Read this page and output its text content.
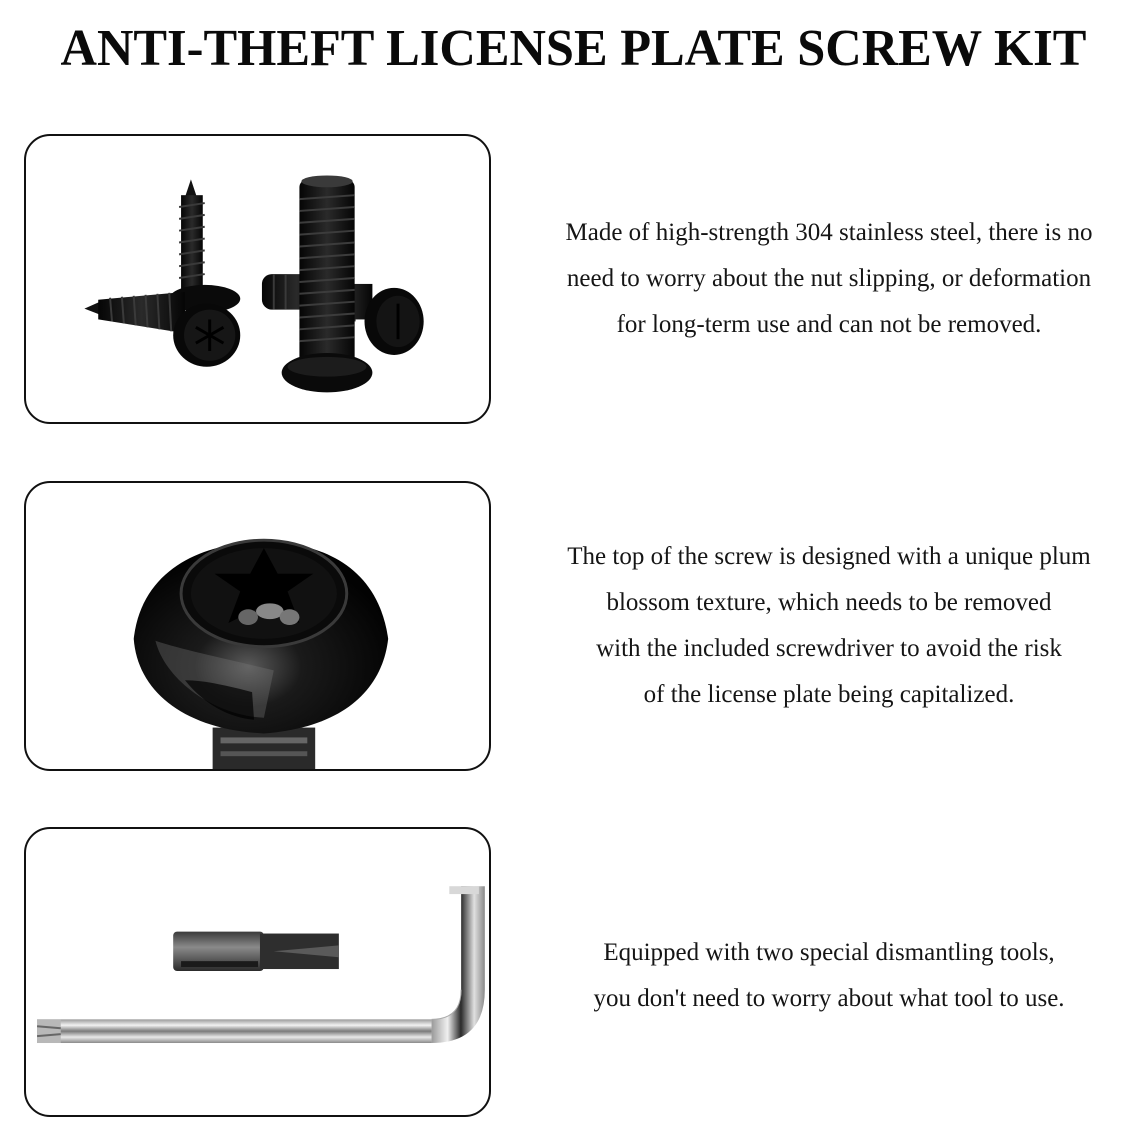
ANTI-THEFT LICENSE PLATE SCREW KIT
Made of high-strength 304 stainless steel, there is no
need to worry about the nut slipping, or deformation
for long-term use and can not be removed.
The top of the screw is designed with a unique plum
blossom texture, which needs to be removed
with the included screwdriver to avoid the risk
of the license plate being capitalized.
Equipped with two special dismantling tools,
you don't need to worry about what tool to use.
